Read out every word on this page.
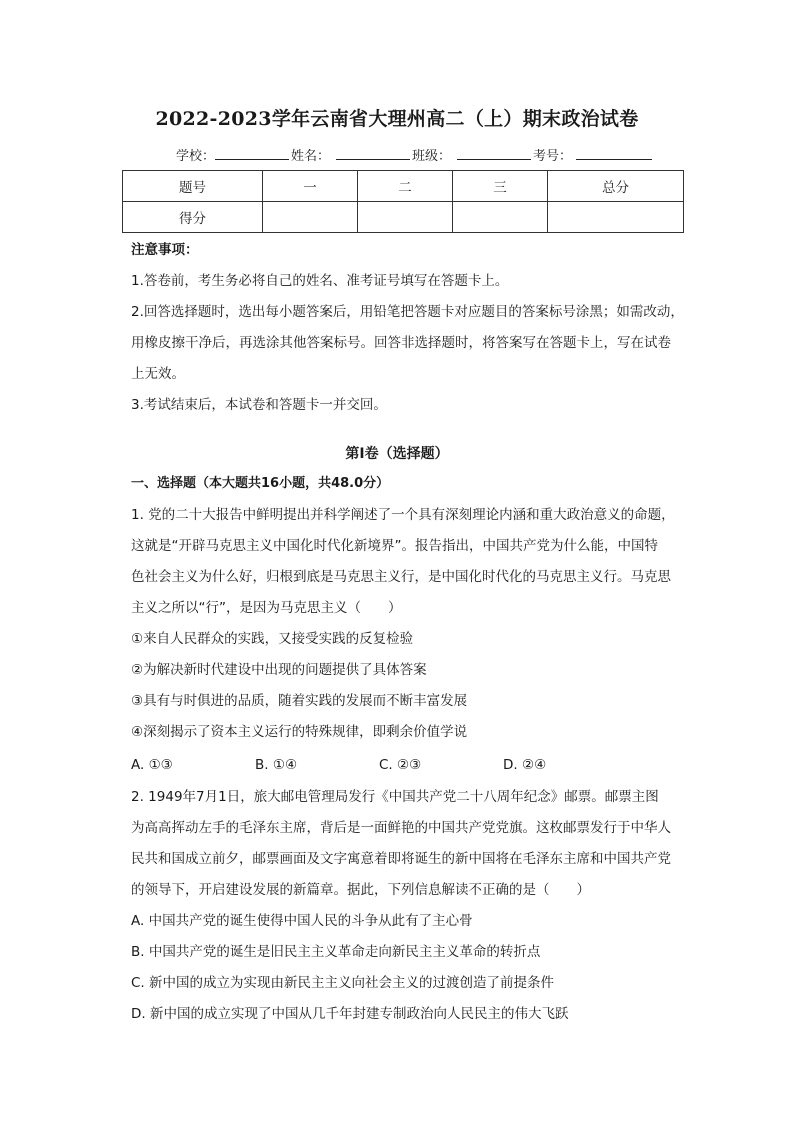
2022-2023学年云南省大理州高二（上）期末政治试卷
学校：	姓名：	班级：	考号：
题号	一	二	三	总分
得分				
注意事项：
1.答卷前，考生务必将自己的姓名、准考证号填写在答题卡上。
2.回答选择题时，选出每小题答案后，用铅笔把答题卡对应题目的答案标号涂黑；如需改动，
用橡皮擦干净后，再选涂其他答案标号。回答非选择题时，将答案写在答题卡上，写在试卷
上无效。
3.考试结束后，本试卷和答题卡一并交回。
第Ⅰ卷（选择题）
一、选择题（本大题共16小题，共48.0分）
1. 党的二十大报告中鲜明提出并科学阐述了一个具有深刻理论内涵和重大政治意义的命题，
这就是“开辟马克思主义中国化时代化新境界”。报告指出，中国共产党为什么能，中国特
色社会主义为什么好，归根到底是马克思主义行，是中国化时代化的马克思主义行。马克思
主义之所以“行”，是因为马克思主义（　　）
①来自人民群众的实践，又接受实践的反复检验
②为解决新时代建设中出现的问题提供了具体答案
③具有与时俱进的品质，随着实践的发展而不断丰富发展
④深刻揭示了资本主义运行的特殊规律，即剩余价值学说
A. ①③	B. ①④	C. ②③	D. ②④
2. 1949年7月1日，旅大邮电管理局发行《中国共产党二十八周年纪念》邮票。邮票主图
为高高挥动左手的毛泽东主席，背后是一面鲜艳的中国共产党党旗。这枚邮票发行于中华人
民共和国成立前夕，邮票画面及文字寓意着即将诞生的新中国将在毛泽东主席和中国共产党
的领导下，开启建设发展的新篇章。据此，下列信息解读不正确的是（　　）
A. 中国共产党的诞生使得中国人民的斗争从此有了主心骨
B. 中国共产党的诞生是旧民主主义革命走向新民主主义革命的转折点
C. 新中国的成立为实现由新民主主义向社会主义的过渡创造了前提条件
D. 新中国的成立实现了中国从几千年封建专制政治向人民民主的伟大飞跃
